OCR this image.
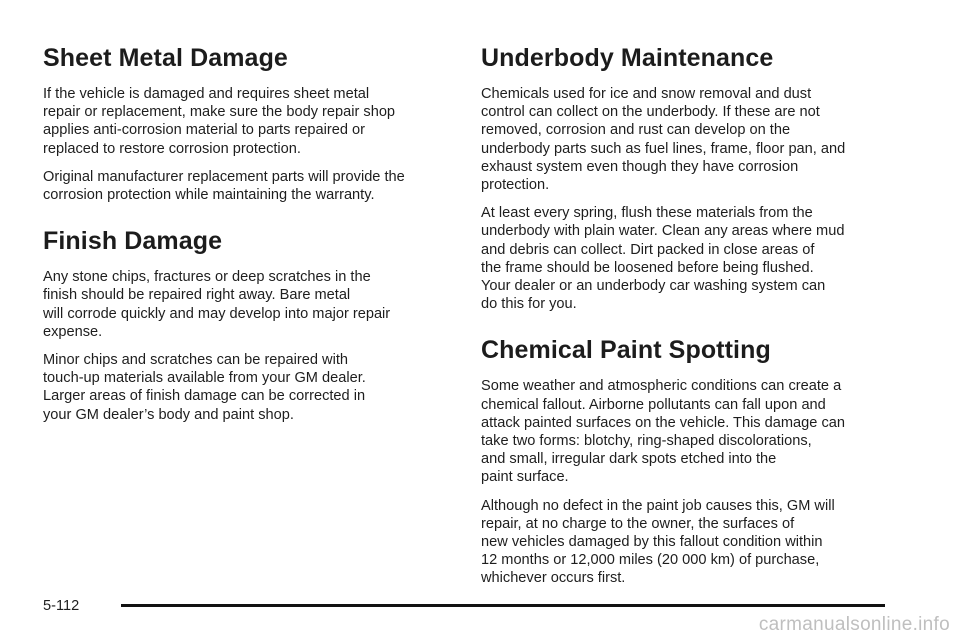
Sheet Metal Damage

If the vehicle is damaged and requires sheet metal
repair or replacement, make sure the body repair shop
applies anti-corrosion material to parts repaired or
replaced to restore corrosion protection.

Original manufacturer replacement parts will provide the
corrosion protection while maintaining the warranty.

Finish Damage

Any stone chips, fractures or deep scratches in the
finish should be repaired right away. Bare metal
will corrode quickly and may develop into major repair
expense.

Minor chips and scratches can be repaired with
touch-up materials available from your GM dealer.
Larger areas of finish damage can be corrected in
your GM dealer’s body and paint shop.

Underbody Maintenance

Chemicals used for ice and snow removal and dust
control can collect on the underbody. If these are not
removed, corrosion and rust can develop on the
underbody parts such as fuel lines, frame, floor pan, and
exhaust system even though they have corrosion
protection.

At least every spring, flush these materials from the
underbody with plain water. Clean any areas where mud
and debris can collect. Dirt packed in close areas of
the frame should be loosened before being flushed.
Your dealer or an underbody car washing system can
do this for you.

Chemical Paint Spotting

Some weather and atmospheric conditions can create a
chemical fallout. Airborne pollutants can fall upon and
attack painted surfaces on the vehicle. This damage can
take two forms: blotchy, ring-shaped discolorations,
and small, irregular dark spots etched into the
paint surface.

Although no defect in the paint job causes this, GM will
repair, at no charge to the owner, the surfaces of
new vehicles damaged by this fallout condition within
12 months or 12,000 miles (20 000 km) of purchase,
whichever occurs first.

5-112
carmanualsonline.info
